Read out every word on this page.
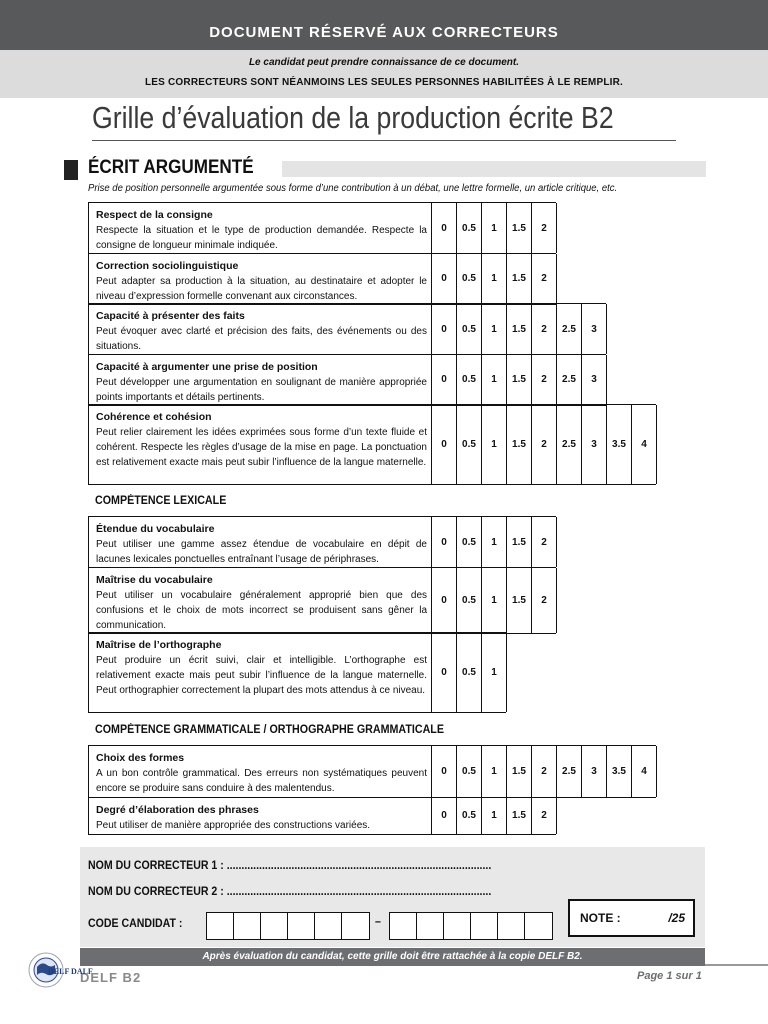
DOCUMENT RÉSERVÉ AUX CORRECTEURS
Le candidat peut prendre connaissance de ce document.
LES CORRECTEURS SONT NÉANMOINS LES SEULES PERSONNES HABILITÉES À LE REMPLIR.
Grille d’évaluation de la production écrite B2
ÉCRIT ARGUMENTÉ
Prise de position personnelle argumentée sous forme d’une contribution à un débat, une lettre formelle, un article critique, etc.
Respect de la consigne
Respecte la situation et le type de production demandée. Respecte la consigne de longueur minimale indiquée.
0	0.5	1	1.5	2
Correction sociolinguistique
Peut adapter sa production à la situation, au destinataire et adopter le niveau d’expression formelle convenant aux circonstances.
0	0.5	1	1.5	2
Capacité à présenter des faits
Peut évoquer avec clarté et précision des faits, des événements ou des situations.
0	0.5	1	1.5	2	2.5	3
Capacité à argumenter une prise de position
Peut développer une argumentation en soulignant de manière appropriée points importants et détails pertinents.
0	0.5	1	1.5	2	2.5	3
Cohérence et cohésion
Peut relier clairement les idées exprimées sous forme d’un texte fluide et cohérent. Respecte les règles d’usage de la mise en page. La ponctuation est relativement exacte mais peut subir l’influence de la langue maternelle.
0	0.5	1	1.5	2	2.5	3	3.5	4
COMPÉTENCE LEXICALE
Étendue du vocabulaire
Peut utiliser une gamme assez étendue de vocabulaire en dépit de lacunes lexicales ponctuelles entraînant l’usage de périphrases.
0	0.5	1	1.5	2
Maîtrise du vocabulaire
Peut utiliser un vocabulaire généralement approprié bien que des confusions et le choix de mots incorrect se produisent sans gêner la communication.
0	0.5	1	1.5	2
Maîtrise de l’orthographe
Peut produire un écrit suivi, clair et intelligible. L’orthographe est relativement exacte mais peut subir l’influence de la langue maternelle. Peut orthographier correctement la plupart des mots attendus à ce niveau.
0	0.5	1
COMPÉTENCE GRAMMATICALE / ORTHOGRAPHE GRAMMATICALE
Choix des formes
A un bon contrôle grammatical. Des erreurs non systématiques peuvent encore se produire sans conduire à des malentendus.
0	0.5	1	1.5	2	2.5	3	3.5	4
Degré d’élaboration des phrases
Peut utiliser de manière appropriée des constructions variées.
0	0.5	1	1.5	2
NOM DU CORRECTEUR 1 : ..........................................................................................
NOM DU CORRECTEUR 2 : ..........................................................................................
CODE CANDIDAT :	–	NOTE :	/25
Après évaluation du candidat, cette grille doit être rattachée à la copie DELF B2.
DELF B2	Page 1 sur 1
DELF DALF
